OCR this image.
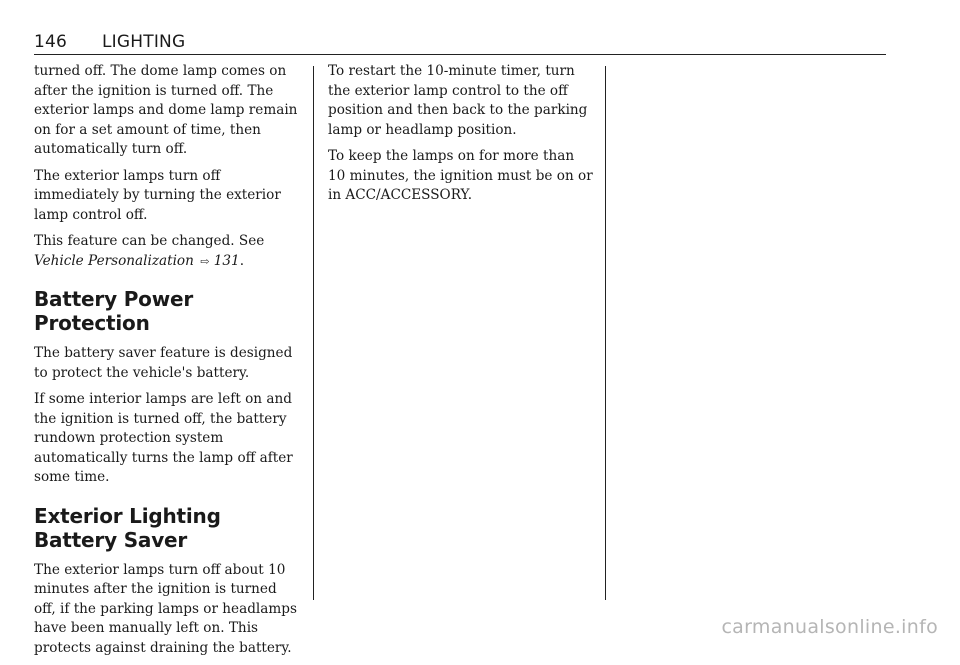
146 LIGHTING

turned off. The dome lamp comes on after the ignition is turned off. The exterior lamps and dome lamp remain on for a set amount of time, then automatically turn off.

The exterior lamps turn off immediately by turning the exterior lamp control off.

This feature can be changed. See
Vehicle Personalization ⇨ 131.

Battery Power Protection

The battery saver feature is designed to protect the vehicle's battery.

If some interior lamps are left on and the ignition is turned off, the battery rundown protection system automatically turns the lamp off after some time.

Exterior Lighting Battery Saver

The exterior lamps turn off about 10 minutes after the ignition is turned off, if the parking lamps or headlamps have been manually left on. This protects against draining the battery.

To restart the 10-minute timer, turn the exterior lamp control to the off position and then back to the parking lamp or headlamp position.

To keep the lamps on for more than 10 minutes, the ignition must be on or in ACC/ACCESSORY.

carmanualsonline.info
